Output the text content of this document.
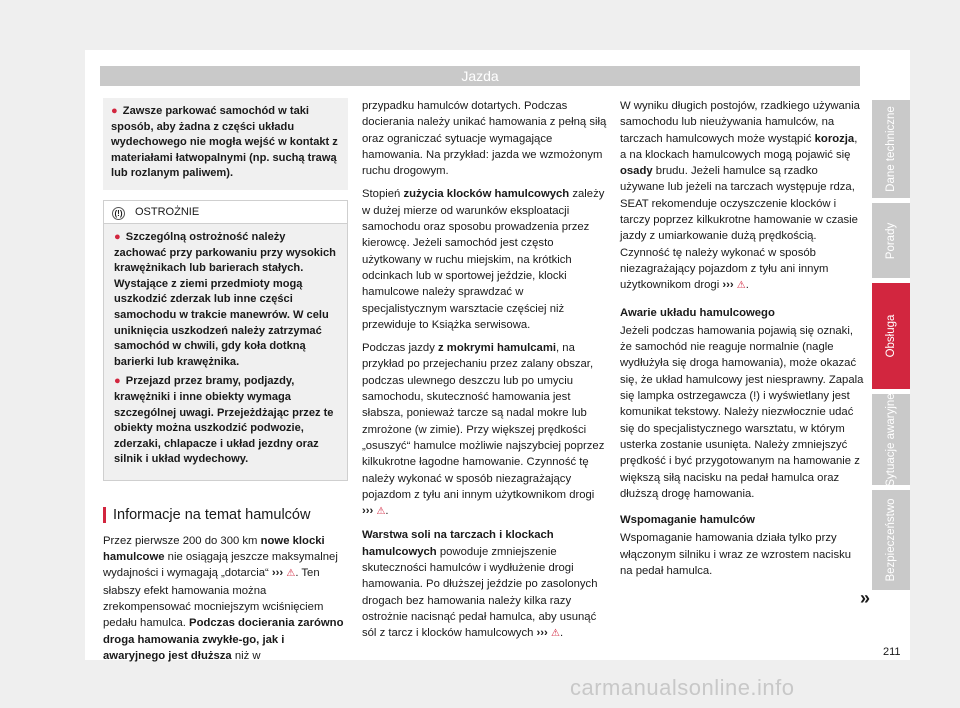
Jazda
● Zawsze parkować samochód w taki sposób, aby żadna z części układu wydechowego nie mogła wejść w kontakt z materiałami łatwopalnymi (np. suchą trawą lub rozlanym paliwem).
(!) OSTROŻNIE

● Szczególną ostrożność należy zachować przy parkowaniu przy wysokich krawężnikach lub barierach stałych. Wystające z ziemi przedmioty mogą uszkodzić zderzak lub inne części samochodu w trakcie manewrów. W celu uniknięcia uszkodzeń należy zatrzymać samochód w chwili, gdy koła dotkną barierki lub krawężnika.

● Przejazd przez bramy, podjazdy, krawężniki i inne obiekty wymaga szczególnej uwagi. Przejeżdżając przez te obiekty można uszkodzić podwozie, zderzaki, chlapacze i układ jezdny oraz silnik i układ wydechowy.

Informacje na temat hamulców

Przez pierwsze 200 do 300 km nowe klocki hamulcowe nie osiągają jeszcze maksymalnej wydajności i wymagają „dotarcia“ ››› ⚠. Ten słabszy efekt hamowania można zrekompensować mocniejszym wciśnięciem pedału hamulca. Podczas docierania zarówno droga hamowania zwykłe-go, jak i awaryjnego jest dłuższa niż w

przypadku hamulców dotartych. Podczas docierania należy unikać hamowania z pełną siłą oraz ograniczać sytuacje wymagające hamowania. Na przykład: jazda we wzmożonym ruchu drogowym.

Stopień zużycia klocków hamulcowych zależy w dużej mierze od warunków eksploatacji samochodu oraz sposobu prowadzenia przez kierowcę. Jeżeli samochód jest często użytkowany w ruchu miejskim, na krótkich odcinkach lub w sportowej jeździe, klocki hamulcowe należy sprawdzać w specjalistycznym warsztacie częściej niż przewiduje to Książka serwisowa.

Podczas jazdy z mokrymi hamulcami, na przykład po przejechaniu przez zalany obszar, podczas ulewnego deszczu lub po umyciu samochodu, skuteczność hamowania jest słabsza, ponieważ tarcze są nadal mokre lub zmrożone (w zimie). Przy większej prędkości „osuszyć“ hamulce możliwie najszybciej poprzez kilkukrotne łagodne hamowanie. Czynność tę należy wykonać w sposób niezagrażający pojazdom z tyłu ani innym użytkownikom drogi ››› ⚠.

Warstwa soli na tarczach i klockach hamulcowych powoduje zmniejszenie skuteczności hamulców i wydłużenie drogi hamowania. Po dłuższej jeździe po zasolonych drogach bez hamowania należy kilka razy ostrożnie nacisnąć pedał hamulca, aby usunąć sól z tarcz i klocków hamulcowych ››› ⚠.

W wyniku długich postojów, rzadkiego używania samochodu lub nieużywania hamulców, na tarczach hamulcowych może wystąpić korozja, a na klockach hamulcowych mogą pojawić się osady brudu. Jeżeli hamulce są rzadko używane lub jeżeli na tarczach występuje rdza, SEAT rekomenduje oczyszczenie klocków i tarczy poprzez kilkukrotne hamowanie w czasie jazdy z umiarkowanie dużą prędkością. Czynność tę należy wykonać w sposób niezagrażający pojazdom z tyłu ani innym użytkownikom drogi ››› ⚠.

Awarie układu hamulcowego

Jeżeli podczas hamowania pojawią się oznaki, że samochód nie reaguje normalnie (nagle wydłużyła się droga hamowania), może okazać się, że układ hamulcowy jest niesprawny. Zapala się lampka ostrzegawcza (!) i wyświetlany jest komunikat tekstowy. Należy niezwłocznie udać się do specjalistycznego warsztatu, w którym usterka zostanie usunięta. Należy zmniejszyć prędkość i być przygotowanym na hamowanie z większą siłą nacisku na pedał hamulca oraz dłuższą drogę hamowania.

Wspomaganie hamulców

Wspomaganie hamowania działa tylko przy włączonym silniku i wraz ze wzrostem nacisku na pedał hamulca.

»
Dane techniczne
Porady
Obsługa
Sytuacje awaryjne
Bezpieczeństwo
211
carmanualsonline.info
